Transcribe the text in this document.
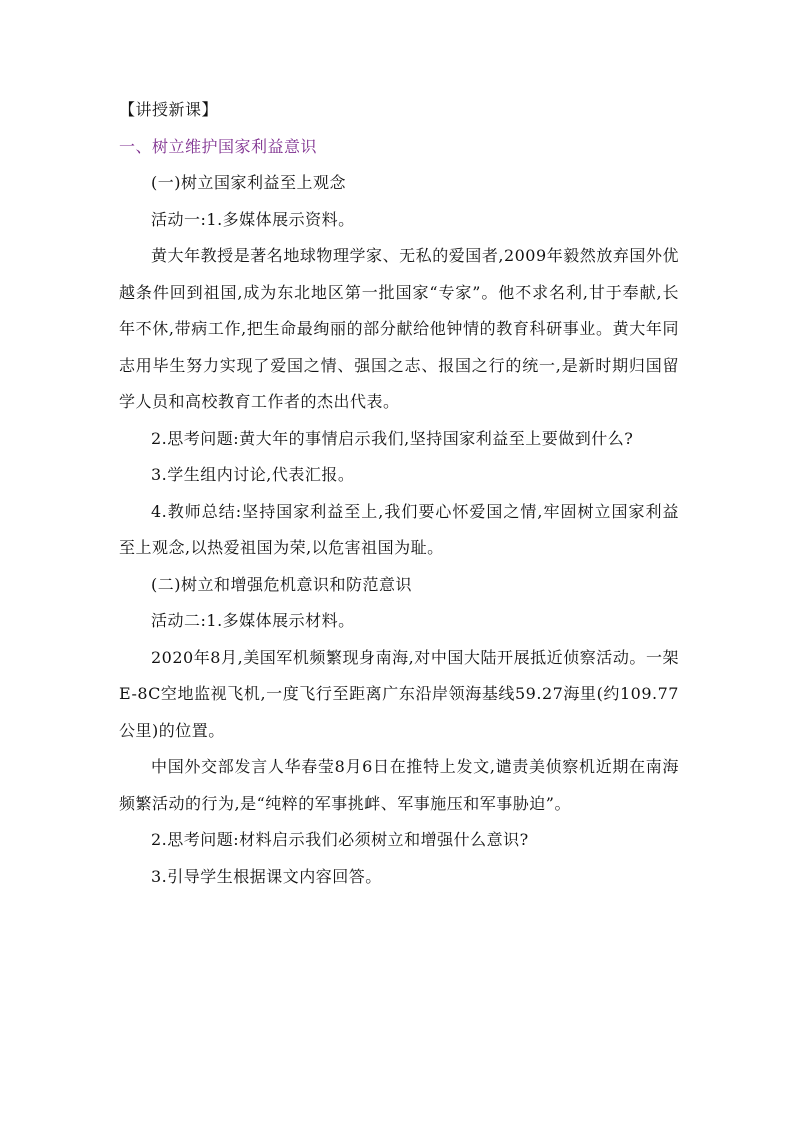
【讲授新课】

一、树立维护国家利益意识

(一)树立国家利益至上观念

活动一:1.多媒体展示资料。

黄大年教授是著名地球物理学家、无私的爱国者,2009年毅然放弃国外优越条件回到祖国,成为东北地区第一批国家“专家”。他不求名利,甘于奉献,长年不休,带病工作,把生命最绚丽的部分献给他钟情的教育科研事业。黄大年同志用毕生努力实现了爱国之情、强国之志、报国之行的统一,是新时期归国留学人员和高校教育工作者的杰出代表。

2.思考问题:黄大年的事情启示我们,坚持国家利益至上要做到什么?

3.学生组内讨论,代表汇报。

4.教师总结:坚持国家利益至上,我们要心怀爱国之情,牢固树立国家利益至上观念,以热爱祖国为荣,以危害祖国为耻。

(二)树立和增强危机意识和防范意识

活动二:1.多媒体展示材料。

2020年8月,美国军机频繁现身南海,对中国大陆开展抵近侦察活动。一架E-8C空地监视飞机,一度飞行至距离广东沿岸领海基线59.27海里(约109.77公里)的位置。

中国外交部发言人华春莹8月6日在推特上发文,谴责美侦察机近期在南海频繁活动的行为,是“纯粹的军事挑衅、军事施压和军事胁迫”。

2.思考问题:材料启示我们必须树立和增强什么意识?

3.引导学生根据课文内容回答。
